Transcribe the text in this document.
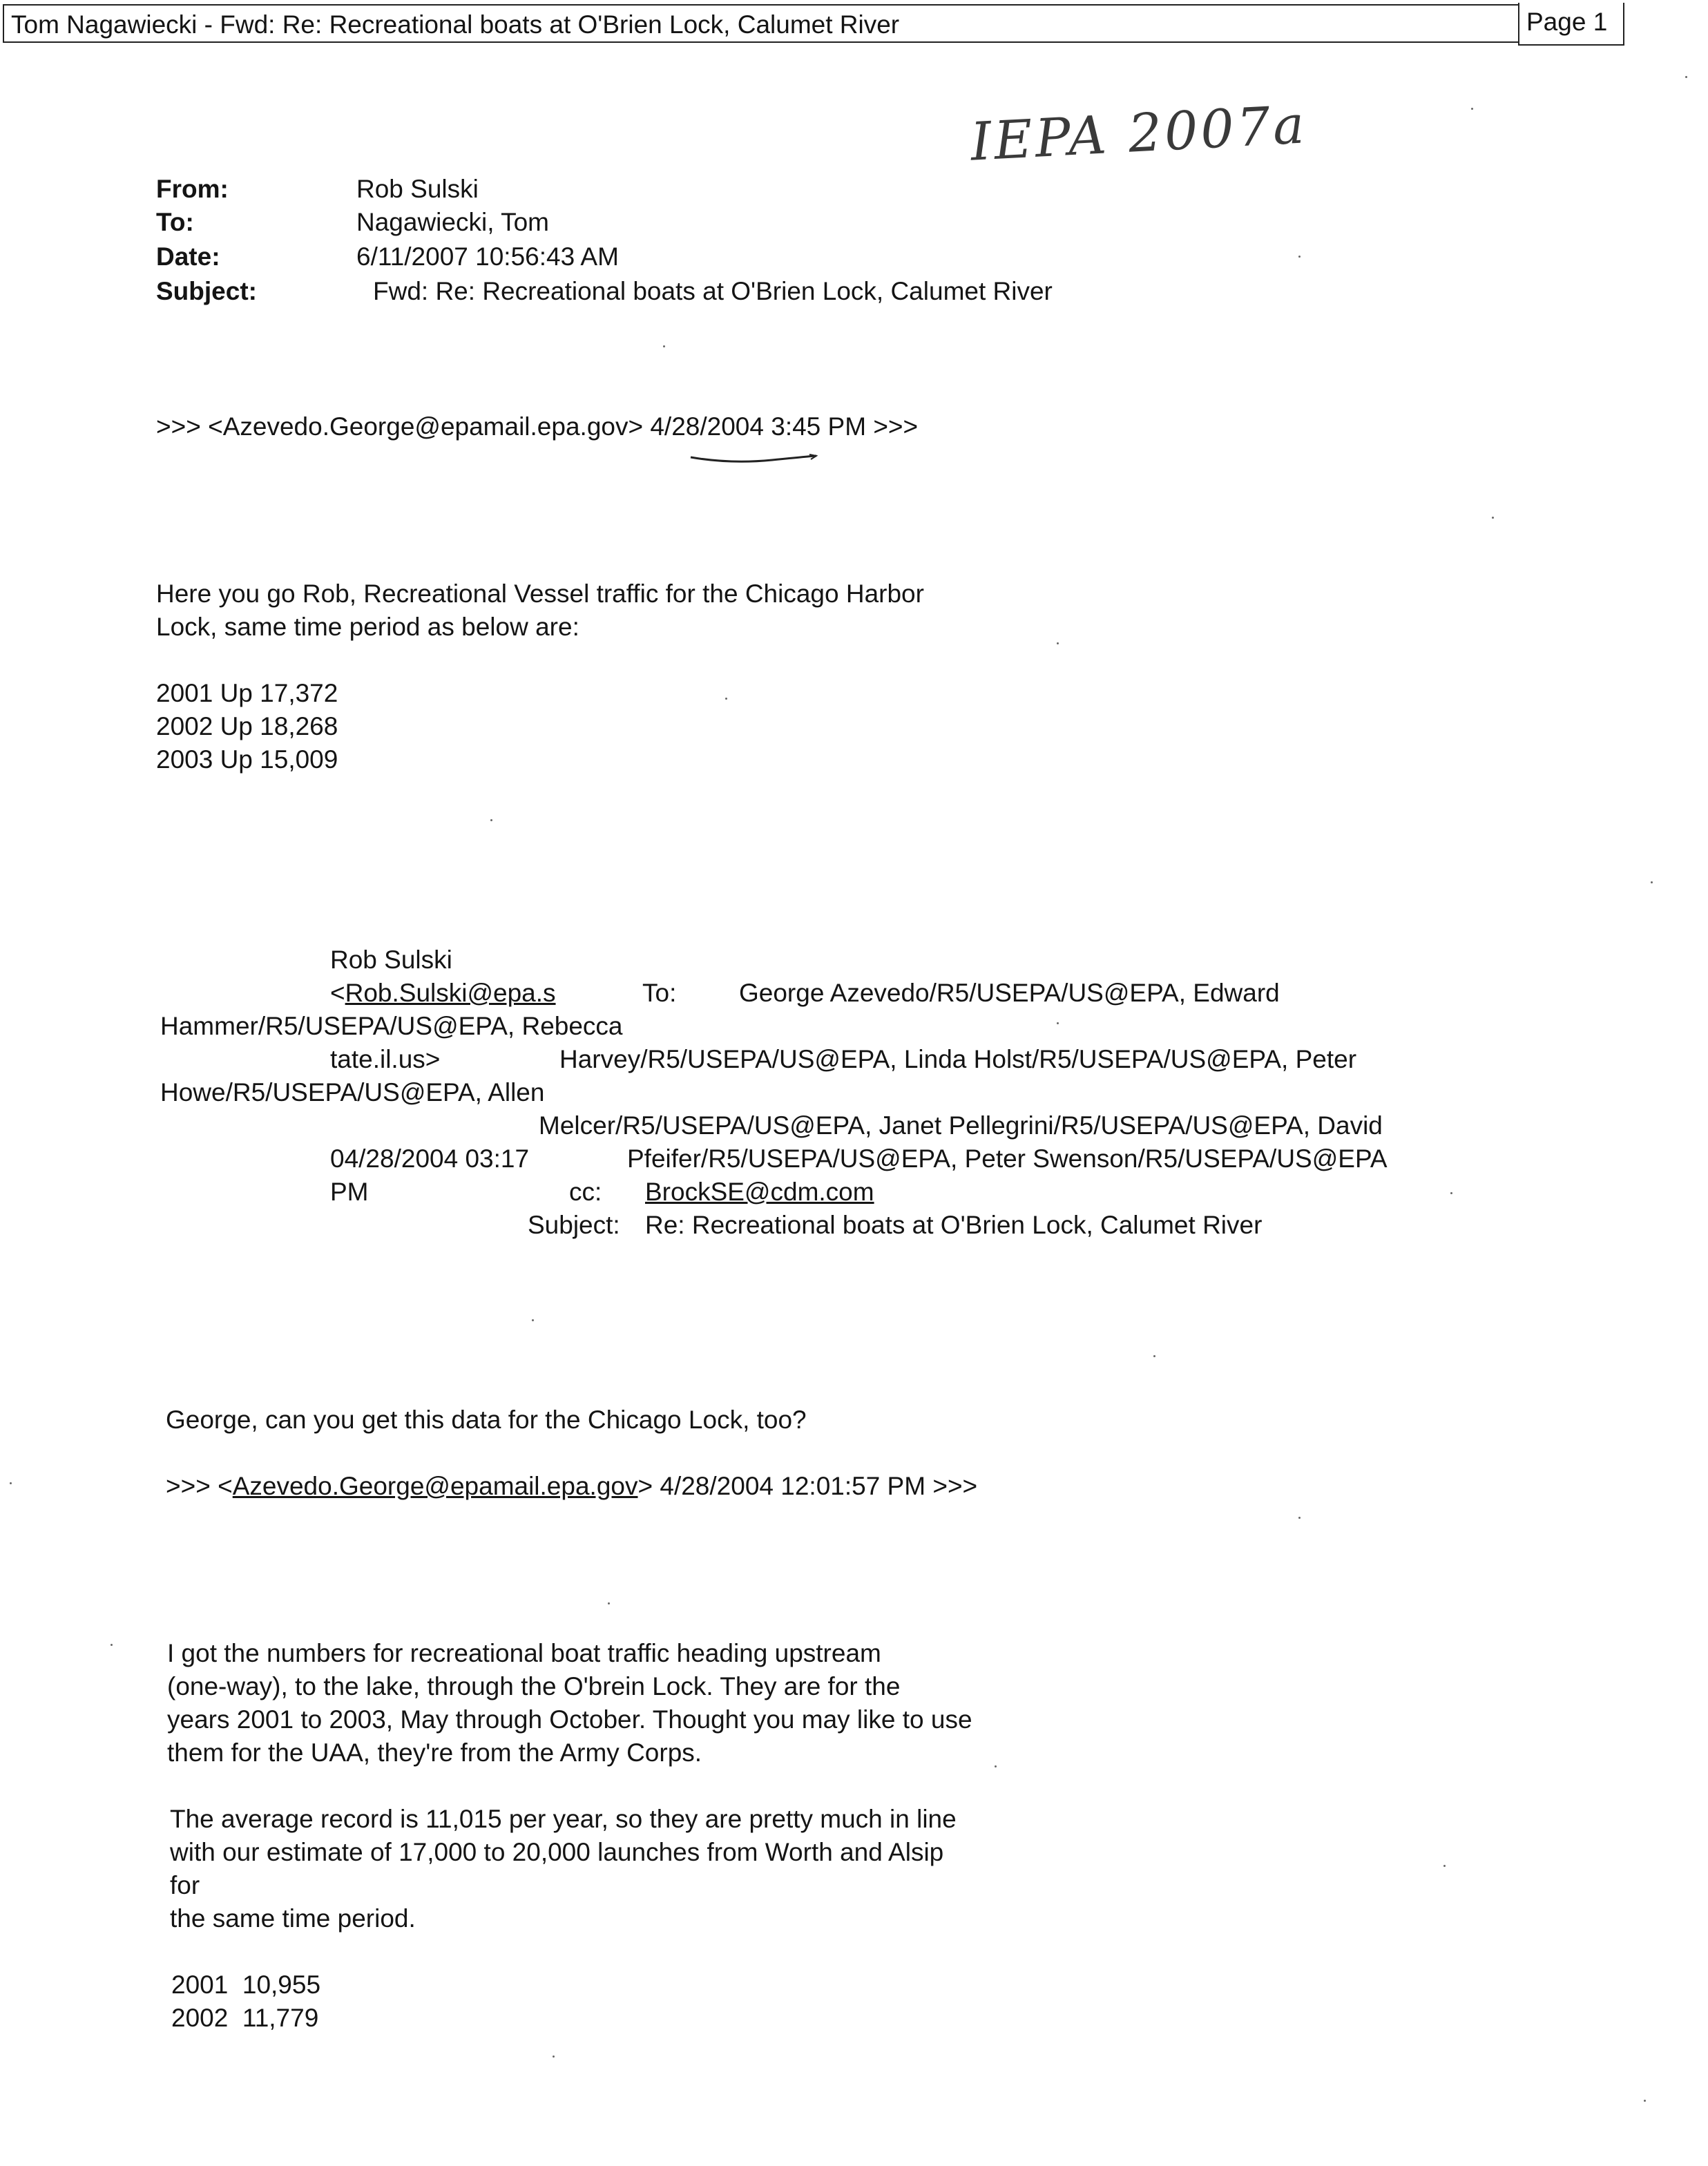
Tom Nagawiecki - Fwd: Re: Recreational boats at O'Brien Lock, Calumet River	Page 1
IEPA 2007a
From:	Rob Sulski
To:	Nagawiecki, Tom
Date:	6/11/2007 10:56:43 AM
Subject:	Fwd: Re: Recreational boats at O'Brien Lock, Calumet River
>>> <Azevedo.George@epamail.epa.gov> 4/28/2004 3:45 PM >>>
Here you go Rob, Recreational Vessel traffic for the Chicago Harbor
Lock, same time period as below are:
2001 Up 17,372
2002 Up 18,268
2003 Up 15,009
Rob Sulski
<Rob.Sulski@epa.s	To: George Azevedo/R5/USEPA/US@EPA, Edward
Hammer/R5/USEPA/US@EPA, Rebecca
tate.il.us>	Harvey/R5/USEPA/US@EPA, Linda Holst/R5/USEPA/US@EPA, Peter
Howe/R5/USEPA/US@EPA, Allen
Melcer/R5/USEPA/US@EPA, Janet Pellegrini/R5/USEPA/US@EPA, David
04/28/2004 03:17	Pfeifer/R5/USEPA/US@EPA, Peter Swenson/R5/USEPA/US@EPA
PM	cc: BrockSE@cdm.com
Subject: Re: Recreational boats at O'Brien Lock, Calumet River
George, can you get this data for the Chicago Lock, too?
>>> <Azevedo.George@epamail.epa.gov> 4/28/2004 12:01:57 PM >>>
I got the numbers for recreational boat traffic heading upstream
(one-way), to the lake, through the O'brein Lock. They are for the
years 2001 to 2003, May through October. Thought you may like to use
them for the UAA, they're from the Army Corps.
The average record is 11,015 per year, so they are pretty much in line
with our estimate of 17,000 to 20,000 launches from Worth and Alsip
for
the same time period.
2001  10,955
2002  11,779
